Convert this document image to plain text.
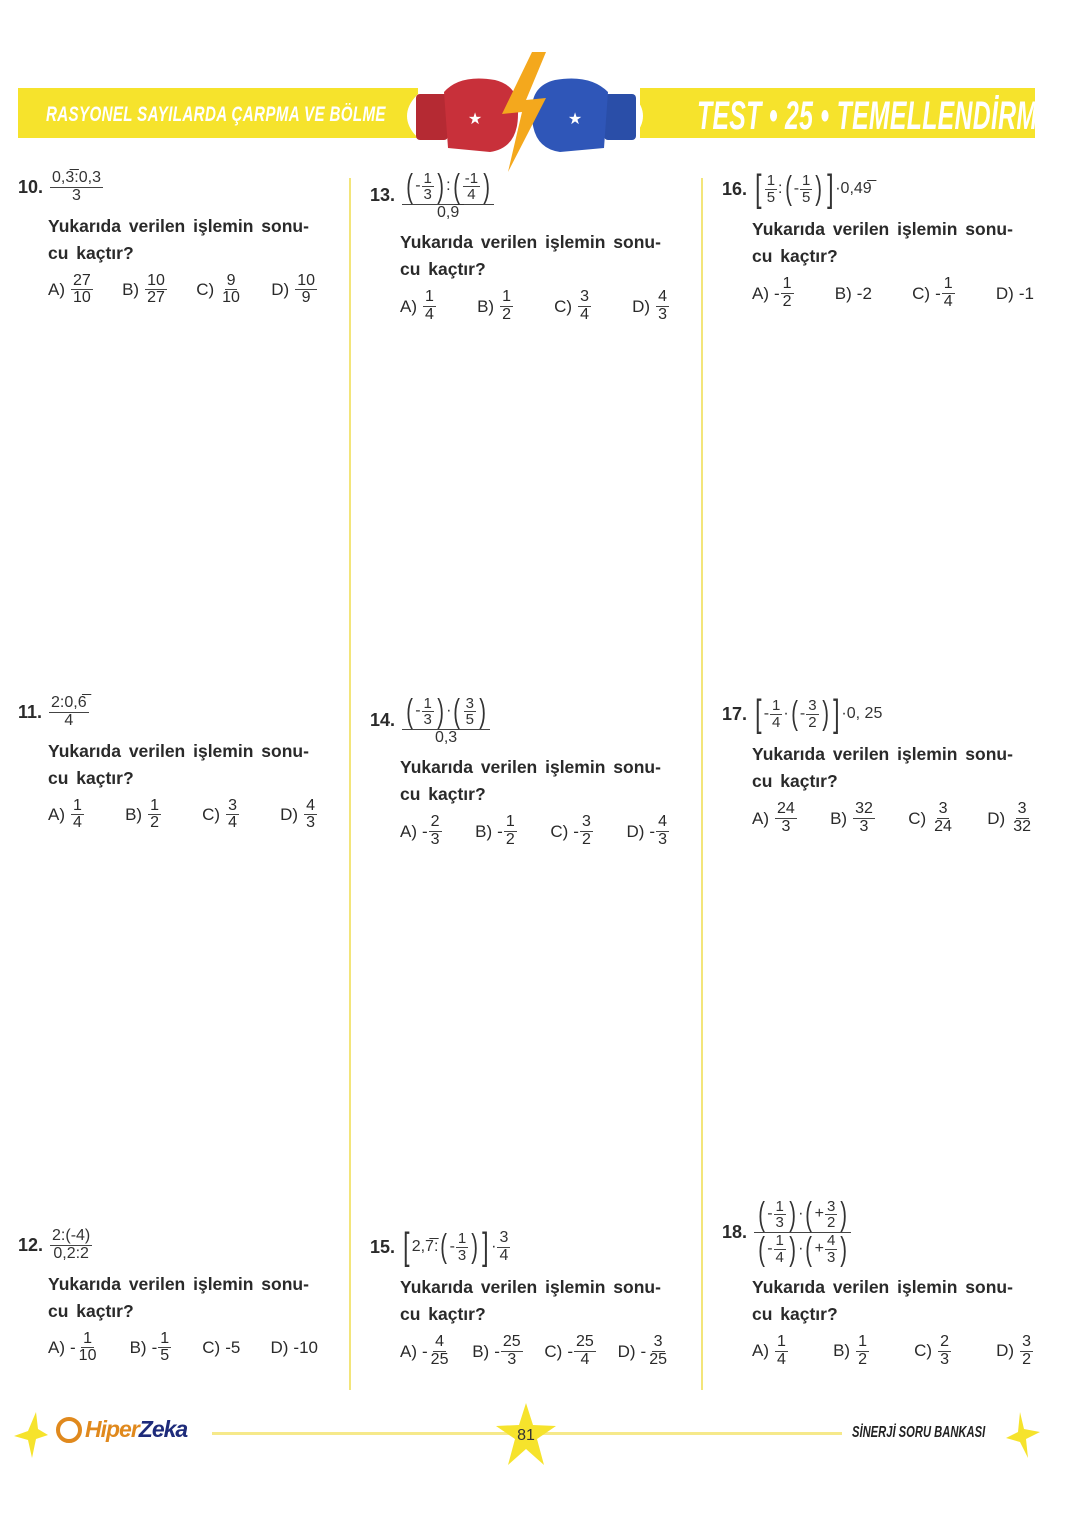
RASYONEL SAYILARDA ÇARPMA VE BÖLME	TEST • 25 • TEMELLENDİRME
★	★
10. $\frac{0,3̅:0,3}{3}$
Yukarıda verilen işlemin sonu-
cu kaçtır?
$A) \frac{27}{10} B) \frac{10}{27} C) \frac{9}{10} D) \frac{10}{9}$
11. $\frac{2:0,6̅}{4}$
Yukarıda verilen işlemin sonu-
cu kaçtır?
$A) \frac{1}{4} B) \frac{1}{2} C) \frac{3}{4} D) \frac{4}{3}$
12. $\frac{2:(-4)}{0,2:2}$
Yukarıda verilen işlemin sonu-
cu kaçtır?
$A) - \frac{1}{10} B) - \frac{1}{5} C$) -5 D) -10
13. $\frac{( - \frac{1}{3} ) : ( \frac{-1}{4} )}{0,9̅}$
Yukarıda verilen işlemin sonu-
cu kaçtır?
$A) \frac{1}{4} B) \frac{1}{2} C) \frac{3}{4} D) \frac{4}{3}$
14. $\frac{( - \frac{1}{3} ) \cdot ( \frac{3}{5} )}{0,3}$
Yukarıda verilen işlemin sonu-
cu kaçtır?
$A) - \frac{2}{3} B) - \frac{1}{2} C) - \frac{3}{2} D) - \frac{4}{3}$
15. [ 2,7̅: ( - $\frac{1}{3}$ ) ] · $\frac{3}{4}$
Yukarıda verilen işlemin sonu-
cu kaçtır?
$A) - \frac{4}{25} B) - \frac{25}{3} C) - \frac{25}{4} D) - \frac{3}{25}$
16. [ $\frac{1}{5}$ : ( - $\frac{1}{5}$ ) ] ·0,49̅
Yukarıda verilen işlemin sonu-
cu kaçtır?
$A) - \frac{1}{2} B$) -2 $C) - \frac{1}{4} D$) -1
17. [ - $\frac{1}{4}$ · ( - $\frac{3}{2}$ ) ] ·0, 25
Yukarıda verilen işlemin sonu-
cu kaçtır?
$A) \frac{24}{3} B) \frac{32}{3} C) \frac{3}{24} D) \frac{3}{32}$
18. $\frac{( - \frac{1}{3} ) \cdot ( + \frac{3}{2} )}{( - \frac{1}{4} ) \cdot ( + \frac{4}{3} )}$
Yukarıda verilen işlemin sonu-
cu kaçtır?
$A) \frac{1}{4}$	$B) \frac{1}{2}$	$C) \frac{2}{3}$	$D) \frac{3}{2}$
Hiper Zeka	81	SİNERJİ SORU BANKASI
